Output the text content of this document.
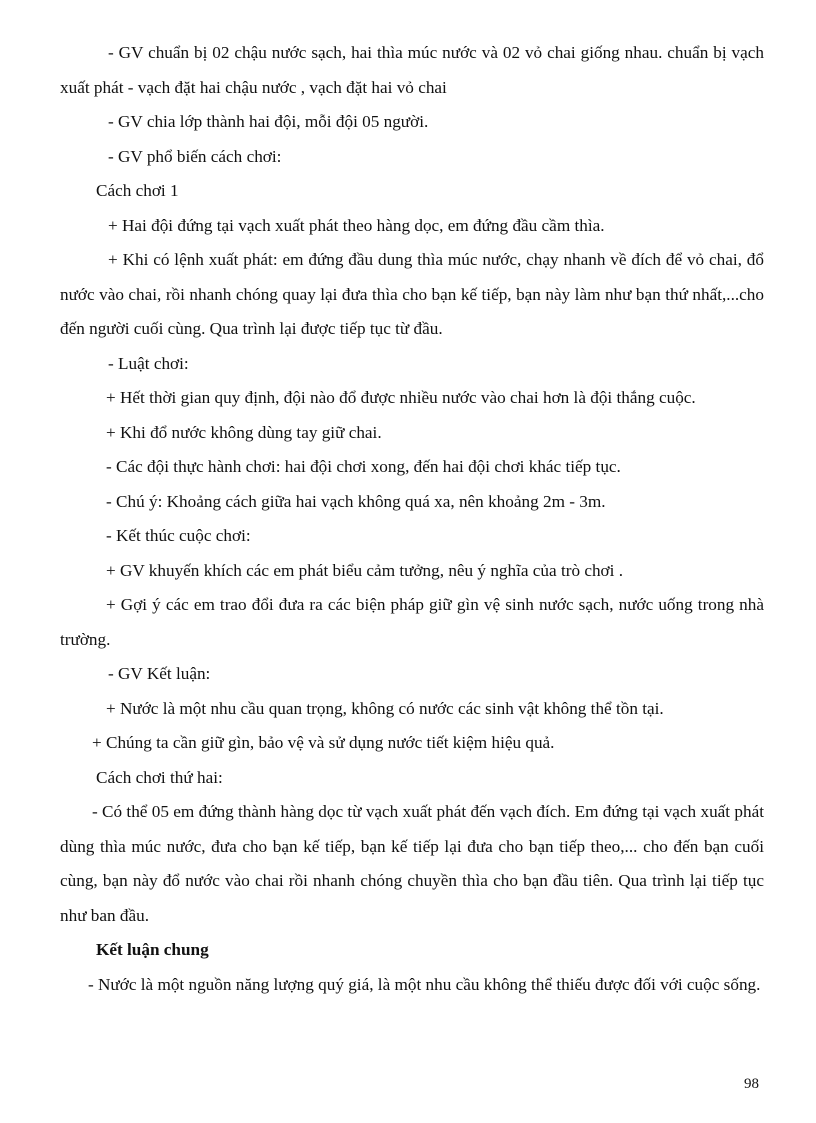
- GV chuẩn bị 02 chậu nước sạch, hai thìa múc nước và 02 vỏ chai giống nhau. chuẩn bị vạch xuất phát - vạch đặt hai chậu nước , vạch đặt hai vỏ chai

- GV chia lớp thành hai đội, mỗi đội 05 người.

- GV phổ biến cách chơi:

Cách chơi 1

+ Hai đội đứng tại vạch xuất phát theo hàng dọc, em đứng đầu cầm thìa.

+ Khi có lệnh xuất phát: em đứng đầu dung thìa múc nước, chạy nhanh về đích để vỏ chai, đổ nước vào chai, rồi nhanh chóng quay lại đưa thìa cho bạn kế tiếp, bạn này làm như bạn thứ nhất,...cho đến người cuối cùng. Qua trình lại được tiếp tục từ đầu.

- Luật chơi:

+ Hết thời gian quy định, đội nào đổ được nhiều nước vào chai hơn là đội thắng cuộc.

+ Khi đổ nước không dùng tay giữ chai.

- Các đội thực hành chơi: hai đội chơi xong, đến hai đội chơi khác tiếp tục.

- Chú ý: Khoảng cách giữa hai vạch không quá xa, nên khoảng 2m - 3m.

- Kết thúc cuộc chơi:

+ GV khuyến khích các em phát biểu cảm tưởng, nêu ý nghĩa của trò chơi .

+ Gợi ý các em trao đổi đưa ra các biện pháp giữ gìn vệ sinh nước sạch, nước uống trong nhà trường.

- GV Kết luận:

+ Nước là một nhu cầu quan trọng, không có nước các sinh vật không thể tồn tại.

+ Chúng ta cần giữ gìn, bảo vệ và sử dụng nước tiết kiệm hiệu quả.

Cách chơi thứ hai:

- Có thể 05 em đứng thành hàng dọc từ vạch xuất phát đến vạch đích. Em đứng tại vạch xuất phát dùng thìa múc nước, đưa cho bạn kế tiếp, bạn kế tiếp lại đưa cho bạn tiếp theo,... cho đến bạn cuối cùng, bạn này đổ nước vào chai rồi nhanh chóng chuyền thìa cho bạn đầu tiên. Qua trình lại tiếp tục như ban đầu.

Kết luận chung

- Nước là một nguồn năng lượng quý giá, là một nhu cầu không thể thiếu được đối với cuộc sống.

98
